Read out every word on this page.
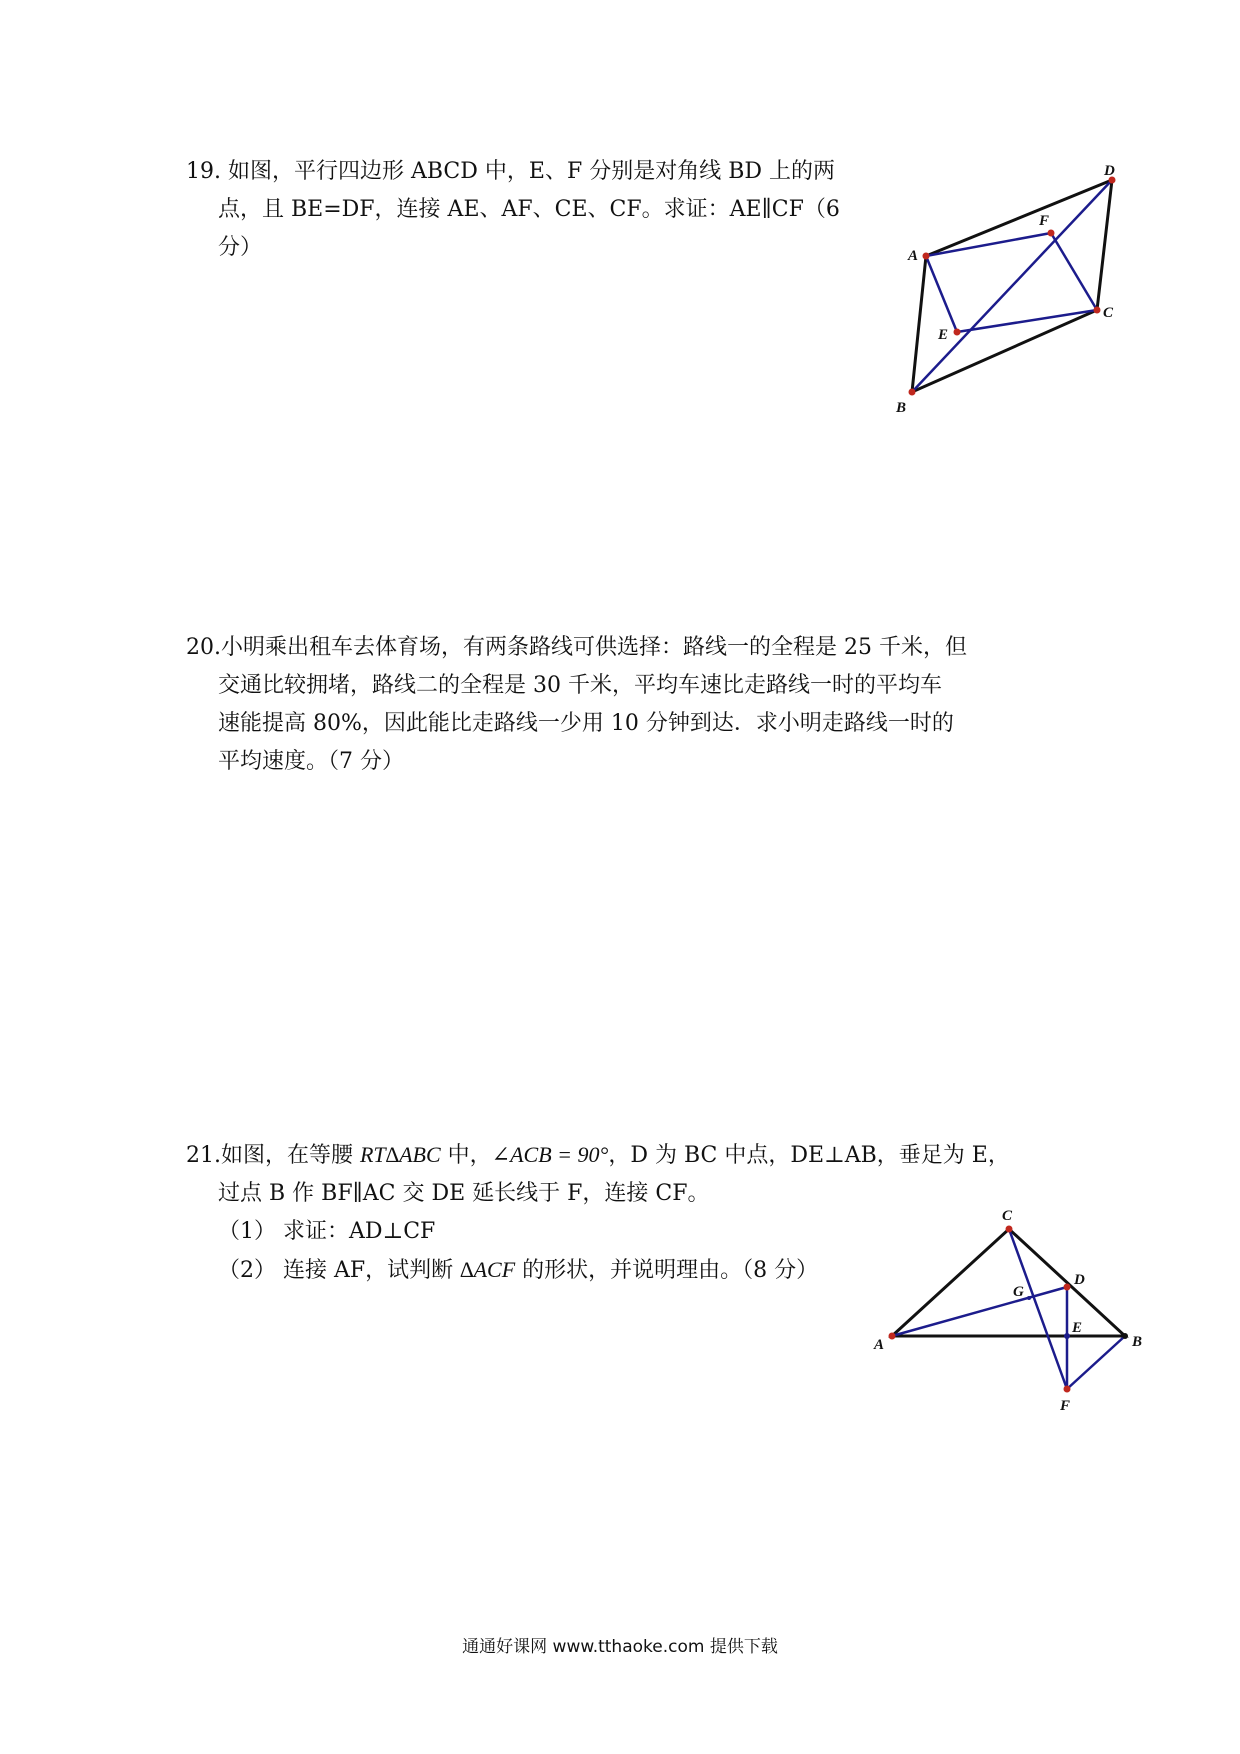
19. 如图，平行四边形 ABCD 中，E、F 分别是对角线 BD 上的两
点，且 BE=DF，连接 AE、AF、CE、CF。求证：AE∥CF（6
分）	A
B
C
D
E
F
20.小明乘出租车去体育场，有两条路线可供选择：路线一的全程是 25 千米，但
交通比较拥堵，路线二的全程是 30 千米，平均车速比走路线一时的平均车
速能提高 80%，因此能比走路线一少用 10 分钟到达．求小明走路线一时的
平均速度。（7 分）
21.如图，在等腰 RT∆ABC 中，∠ACB = 90°，D 为 BC 中点，DE⊥AB，垂足为 E，
过点 B 作 BF∥AC 交 DE 延长线于 F，连接 CF。
（1） 求证：AD⊥CF
（2） 连接 AF，试判断 ∆ACF 的形状，并说明理由。（8 分）
A	B
C
D
E
F
G
通通好课网 www.tthaoke.com 提供下载
